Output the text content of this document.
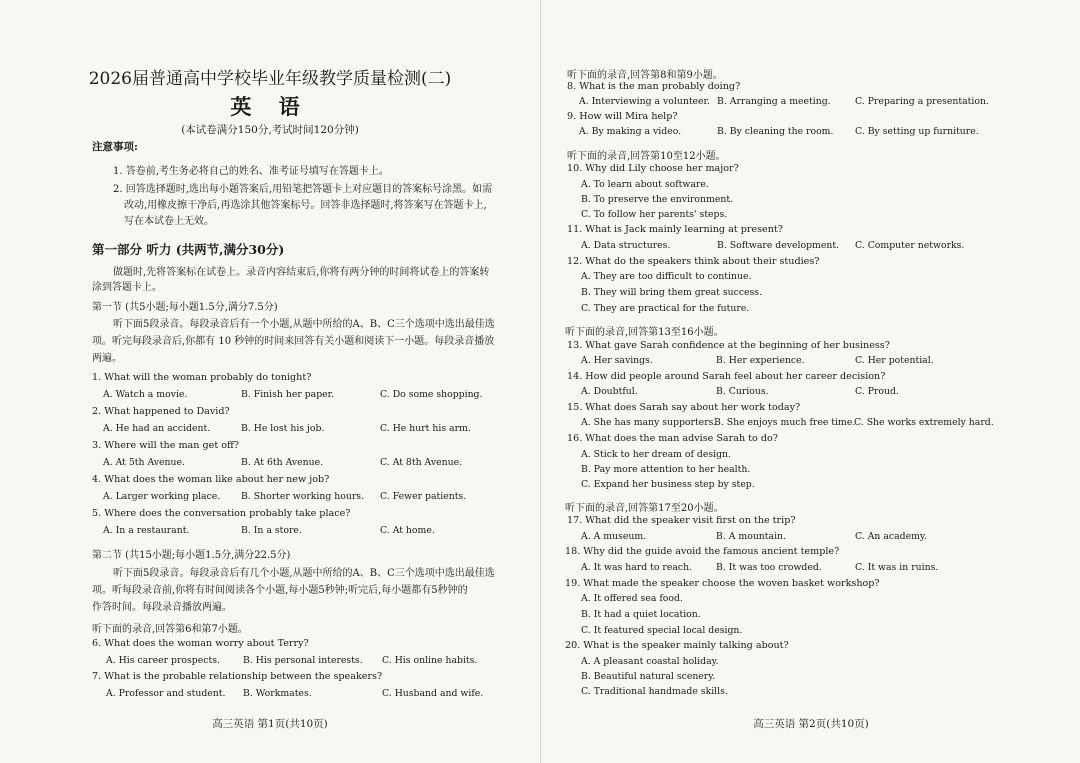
2026届普通高中学校毕业年级教学质量检测(二)
英 语
(本试卷满分150分,考试时间120分钟)
注意事项:
1. 答卷前,考生务必将自己的姓名、准考证号填写在答题卡上。
2. 回答选择题时,选出每小题答案后,用铅笔把答题卡上对应题目的答案标号涂黑。如需
改动,用橡皮擦干净后,再选涂其他答案标号。回答非选择题时,将答案写在答题卡上,
写在本试卷上无效。
第一部分 听力 (共两节,满分30分)
做题时,先将答案标在试卷上。录音内容结束后,你将有两分钟的时间将试卷上的答案转
涂到答题卡上。
第一节 (共5小题;每小题1.5分,满分7.5分)
听下面5段录音。每段录音后有一个小题,从题中所给的A、B、C三个选项中选出最佳选
项。听完每段录音后,你都有 10 秒钟的时间来回答有关小题和阅读下一小题。每段录音播放
两遍。
1. What will the woman probably do tonight?
A. Watch a movie.	B. Finish her paper.	C. Do some shopping.
2. What happened to David?
A. He had an accident.	B. He lost his job.	C. He hurt his arm.
3. Where will the man get off?
A. At 5th Avenue.	B. At 6th Avenue.	C. At 8th Avenue.
4. What does the woman like about her new job?
A. Larger working place. B. Shorter working hours. C. Fewer patients.
5. Where does the conversation probably take place?
A. In a restaurant.	B. In a store.	C. At home.
第二节 (共15小题;每小题1.5分,满分22.5分)
听下面5段录音。每段录音后有几个小题,从题中所给的A、B、C三个选项中选出最佳选
项。听每段录音前,你将有时间阅读各个小题,每小题5秒钟;听完后,每小题都有5秒钟的
作答时间。每段录音播放两遍。
听下面的录音,回答第6和第7小题。
6. What does the woman worry about Terry?
A. His career prospects. B. His personal interests. C. His online habits.
7. What is the probable relationship between the speakers?
A. Professor and student. B. Workmates.	C. Husband and wife.
高三英语 第1页(共10页)
听下面的录音,回答第8和第9小题。
8. What is the man probably doing?
A. Interviewing a volunteer. B. Arranging a meeting.	C. Preparing a presentation.
9. How will Mira help?
A. By making a video.	B. By cleaning the room. C. By setting up furniture.
听下面的录音,回答第10至12小题。
10. Why did Lily choose her major?
A. To learn about software.
B. To preserve the environment.
C. To follow her parents' steps.
11. What is Jack mainly learning at present?
A. Data structures.	B. Software development. C. Computer networks.
12. What do the speakers think about their studies?
A. They are too difficult to continue.
B. They will bring them great success.
C. They are practical for the future.
听下面的录音,回答第13至16小题。
13. What gave Sarah confidence at the beginning of her business?
A. Her savings.	B. Her experience.	C. Her potential.
14. How did people around Sarah feel about her career decision?
A. Doubtful.	B. Curious.	C. Proud.
15. What does Sarah say about her work today?
A. She has many supporters.
B. She enjoys much free time.
C. She works extremely hard.
16. What does the man advise Sarah to do?
A. Stick to her dream of design.
B. Pay more attention to her health.
C. Expand her business step by step.
听下面的录音,回答第17至20小题。
17. What did the speaker visit first on the trip?
A. A museum.	B. A mountain.	C. An academy.
18. Why did the guide avoid the famous ancient temple?
A. It was hard to reach.	B. It was too crowded.	C. It was in ruins.
19. What made the speaker choose the woven basket workshop?
A. It offered sea food.
B. It had a quiet location.
C. It featured special local design.
20. What is the speaker mainly talking about?
A. A pleasant coastal holiday.
B. Beautiful natural scenery.
C. Traditional handmade skills.
高三英语 第2页(共10页)
